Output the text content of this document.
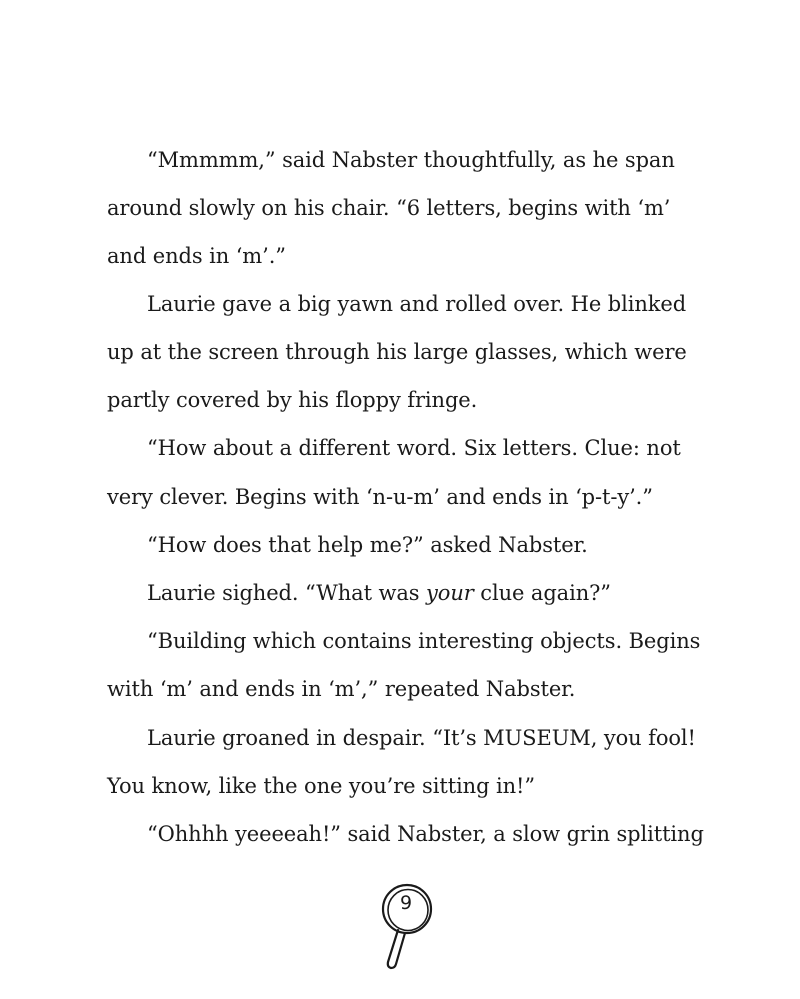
“Mmmmm,” said Nabster thoughtfully, as he span
around slowly on his chair. “6 letters, begins with ‘m’
and ends in ‘m’.”
Laurie gave a big yawn and rolled over. He blinked
up at the screen through his large glasses, which were
partly covered by his floppy fringe.
“How about a different word. Six letters. Clue: not
very clever. Begins with ‘n-u-m’ and ends in ‘p-t-y’.”
“How does that help me?” asked Nabster.
Laurie sighed. “What was your clue again?”
“Building which contains interesting objects. Begins
with ‘m’ and ends in ‘m’,” repeated Nabster.
Laurie groaned in despair. “It’s MUSEUM, you fool!
You know, like the one you’re sitting in!”
“Ohhhh yeeeeah!” said Nabster, a slow grin splitting
9
